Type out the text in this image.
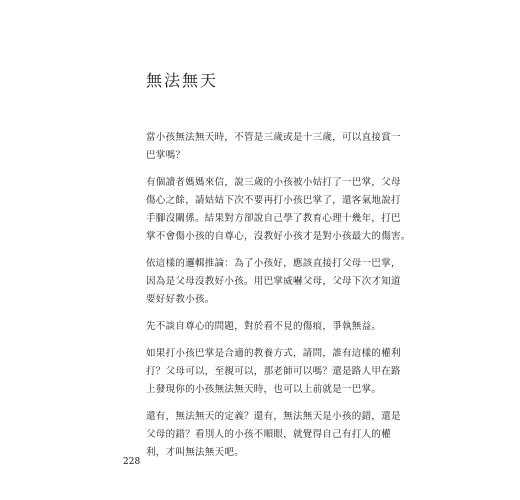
無法無天

當小孩無法無天時，不管是三歲或是十三歲，可以直接賞一
巴掌嗎？

有個讀者媽媽來信，說三歲的小孩被小姑打了一巴掌，父母
傷心之餘，請姑姑下次不要再打小孩巴掌了，還客氣地說打
手腳沒關係。結果對方卻說自己學了教育心理十幾年，打巴
掌不會傷小孩的自尊心，沒教好小孩才是對小孩最大的傷害。

依這樣的邏輯推論：為了小孩好，應該直接打父母一巴掌，
因為是父母沒教好小孩。用巴掌威嚇父母，父母下次才知道
要好好教小孩。

先不談自尊心的問題，對於看不見的傷痕，爭執無益。

如果打小孩巴掌是合適的教養方式，請問，誰有這樣的權利
打？父母可以，至親可以，那老師可以嗎？還是路人甲在路
上發現你的小孩無法無天時，也可以上前就是一巴掌。

還有，無法無天的定義？還有，無法無天是小孩的錯，還是
父母的錯？看別人的小孩不順眼，就覺得自己有打人的權
利，才叫無法無天吧。

228
